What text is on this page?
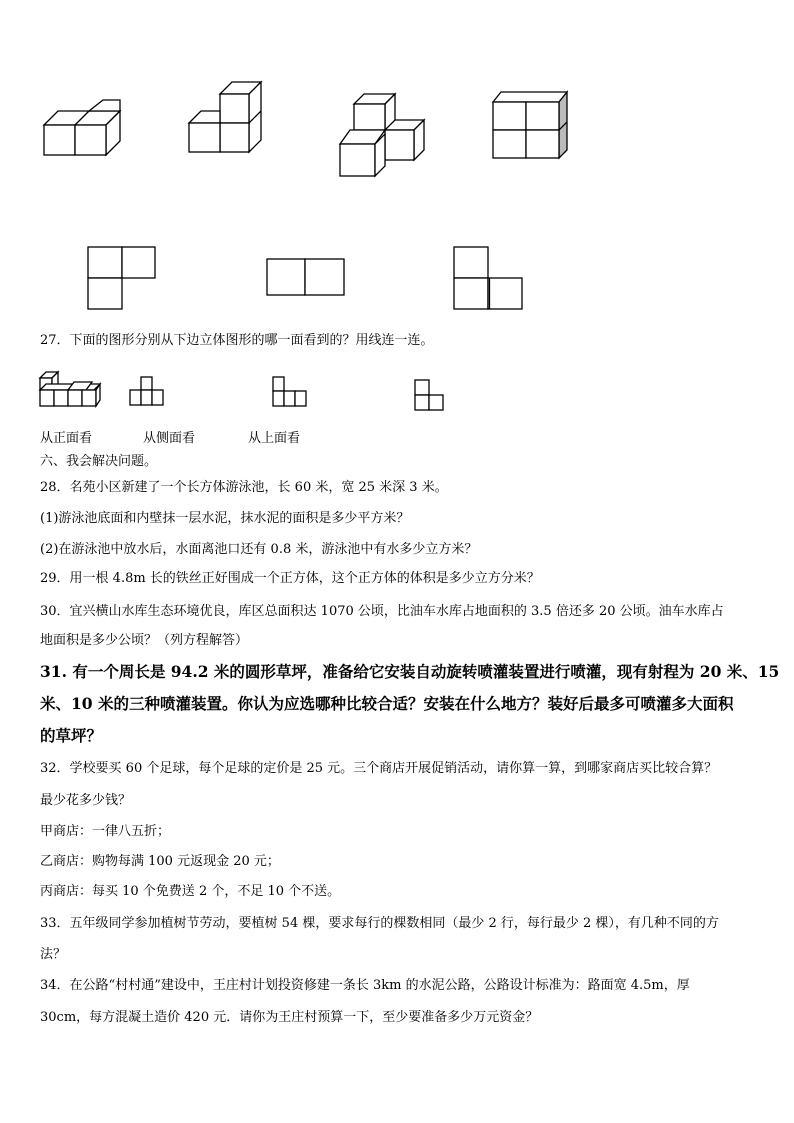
27．下面的图形分别从下边立体图形的哪一面看到的？用线连一连。
从正面看	从侧面看	从上面看
六、我会解决问题。
28．名苑小区新建了一个长方体游泳池，长 60 米，宽 25 米深 3 米。
(1)游泳池底面和内壁抹一层水泥，抹水泥的面积是多少平方米？
(2)在游泳池中放水后，水面离池口还有 0.8 米，游泳池中有水多少立方米？
29．用一根 4.8m 长的铁丝正好围成一个正方体，这个正方体的体积是多少立方分米？
30．宜兴横山水库生态环境优良，库区总面积达 1070 公顷，比油车水库占地面积的 3.5 倍还多 20 公顷。油车水库占
地面积是多少公顷？（列方程解答）
31. 有一个周长是 94.2 米的圆形草坪，准备给它安装自动旋转喷灌装置进行喷灌，现有射程为 20 米、15
米、10 米的三种喷灌装置。你认为应选哪种比较合适？安装在什么地方？装好后最多可喷灌多大面积
的草坪？
32．学校要买 60 个足球，每个足球的定价是 25 元。三个商店开展促销活动，请你算一算，到哪家商店买比较合算？
最少花多少钱？
甲商店：一律八五折；
乙商店：购物每满 100 元返现金 20 元；
丙商店：每买 10 个免费送 2 个，不足 10 个不送。
33．五年级同学参加植树节劳动，要植树 54 棵，要求每行的棵数相同（最少 2 行，每行最少 2 棵），有几种不同的方
法？
34．在公路“村村通”建设中，王庄村计划投资修建一条长 3km 的水泥公路，公路设计标准为：路面宽 4.5m，厚
30cm，每方混凝土造价 420 元．请你为王庄村预算一下，至少要准备多少万元资金？
